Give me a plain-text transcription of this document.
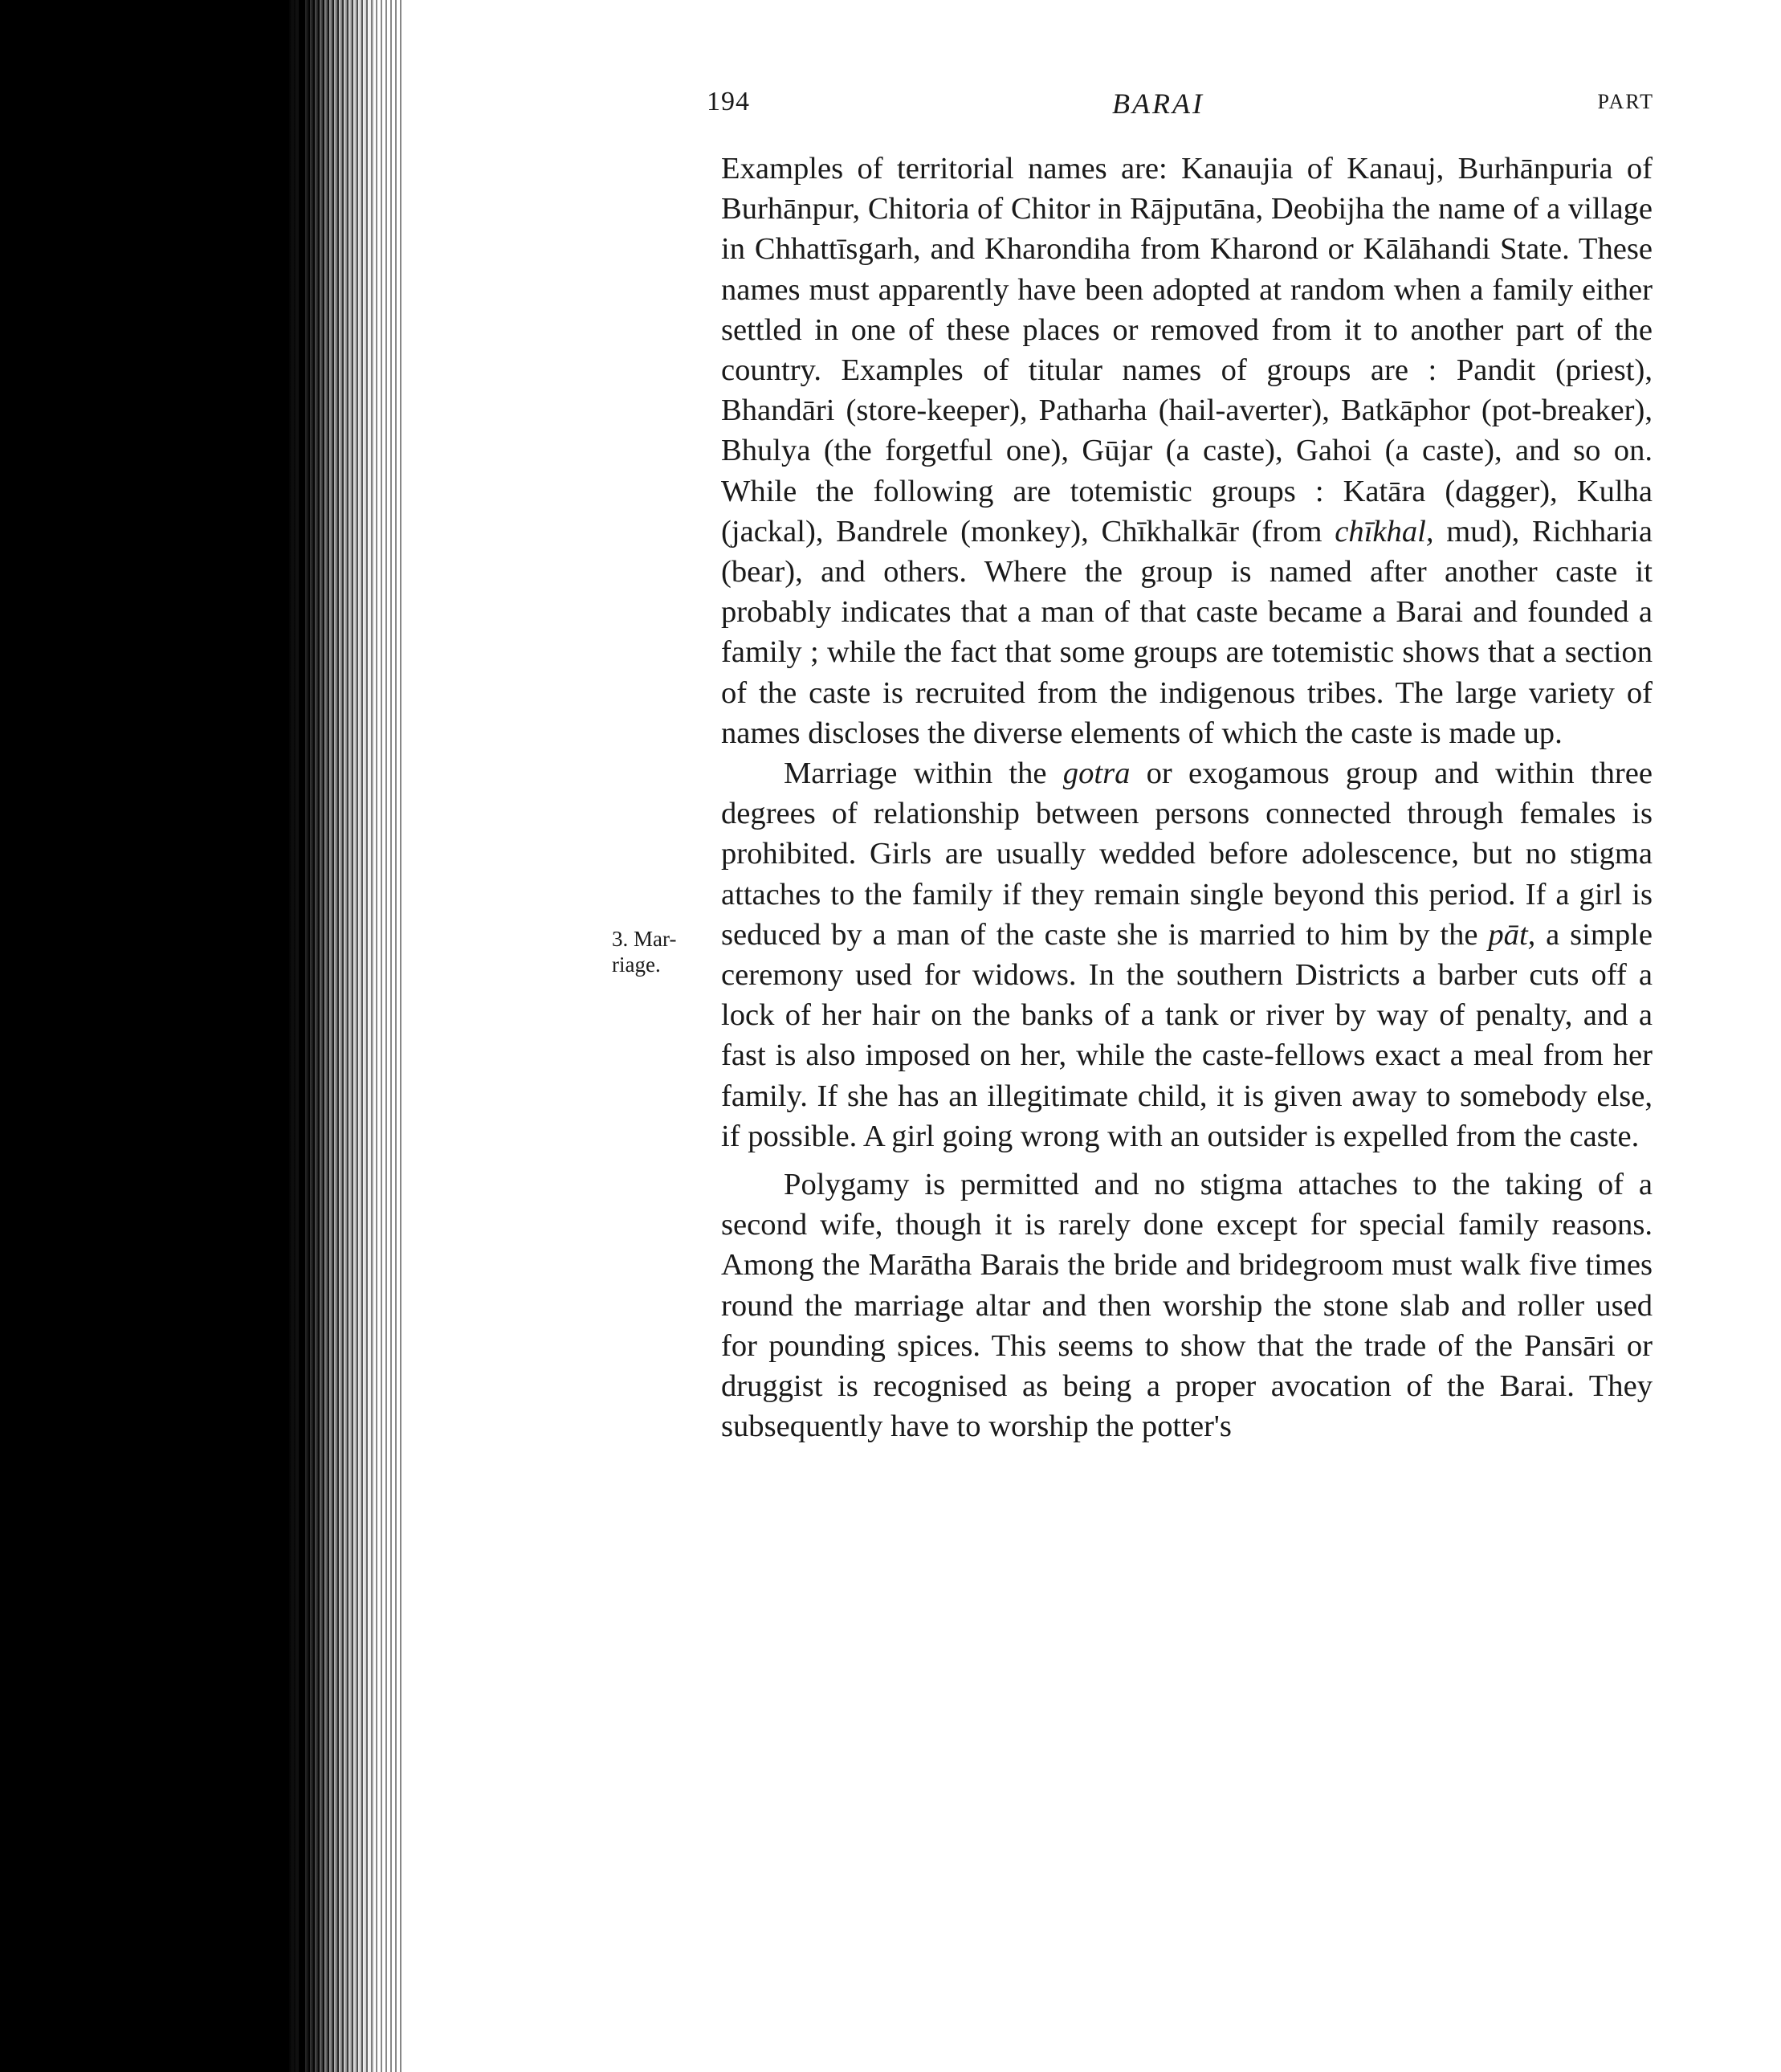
194	BARAI	PART
3. Mar-
riage.

Examples of territorial names are: Kanaujia of Kanauj, Burhānpuria of Burhānpur, Chitoria of Chitor in Rājputāna, Deobijha the name of a village in Chhattīsgarh, and Kharondiha from Kharond or Kālāhandi State. These names must apparently have been adopted at random when a family either settled in one of these places or removed from it to another part of the country. Examples of titular names of groups are : Pandit (priest), Bhandāri (store-keeper), Patharha (hail-averter), Batkāphor (pot-breaker), Bhulya (the forgetful one), Gūjar (a caste), Gahoi (a caste), and so on. While the following are totemistic groups : Katāra (dagger), Kulha (jackal), Bandrele (monkey), Chīkhalkār (from chīkhal, mud), Richharia (bear), and others. Where the group is named after another caste it probably indicates that a man of that caste became a Barai and founded a family ; while the fact that some groups are totemistic shows that a section of the caste is recruited from the indigenous tribes. The large variety of names discloses the diverse elements of which the caste is made up.

Marriage within the gotra or exogamous group and within three degrees of relationship between persons connected through females is prohibited. Girls are usually wedded before adolescence, but no stigma attaches to the family if they remain single beyond this period. If a girl is seduced by a man of the caste she is married to him by the pāt, a simple ceremony used for widows. In the southern Districts a barber cuts off a lock of her hair on the banks of a tank or river by way of penalty, and a fast is also imposed on her, while the caste-fellows exact a meal from her family. If she has an illegitimate child, it is given away to somebody else, if possible. A girl going wrong with an outsider is expelled from the caste.

Polygamy is permitted and no stigma attaches to the taking of a second wife, though it is rarely done except for special family reasons. Among the Marātha Barais the bride and bridegroom must walk five times round the marriage altar and then worship the stone slab and roller used for pounding spices. This seems to show that the trade of the Pansāri or druggist is recognised as being a proper avocation of the Barai. They subsequently have to worship the potter's
